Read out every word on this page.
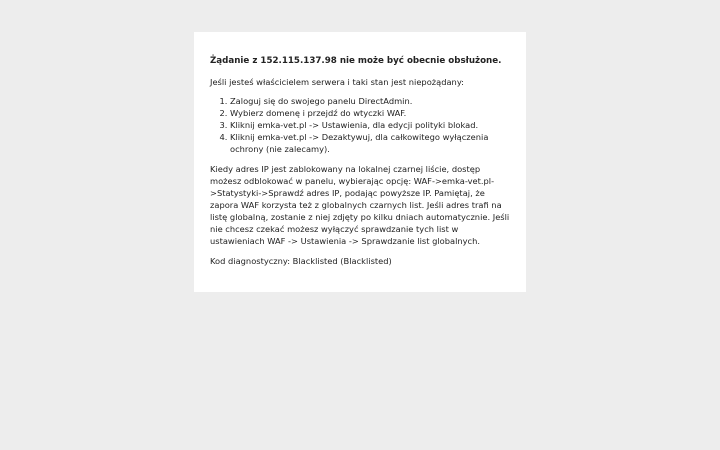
Żądanie z 152.115.137.98 nie może być obecnie obsłużone.

Jeśli jesteś właścicielem serwera i taki stan jest niepożądany:

1. Zaloguj się do swojego panelu DirectAdmin.
2. Wybierz domenę i przejdź do wtyczki WAF.
3. Kliknij emka-vet.pl -> Ustawienia, dla edycji polityki blokad.
4. Kliknij emka-vet.pl -> Dezaktywuj, dla całkowitego wyłączenia ochrony (nie zalecamy).

Kiedy adres IP jest zablokowany na lokalnej czarnej liście, dostęp możesz odblokować w panelu, wybierając opcję: WAF->emka-vet.pl->Statystyki->Sprawdź adres IP, podając powyższe IP. Pamiętaj, że zapora WAF korzysta też z globalnych czarnych list. Jeśli adres trafi na listę globalną, zostanie z niej zdjęty po kilku dniach automatycznie. Jeśli nie chcesz czekać możesz wyłączyć sprawdzanie tych list w ustawieniach WAF -> Ustawienia -> Sprawdzanie list globalnych.

Kod diagnostyczny: Blacklisted (Blacklisted)
